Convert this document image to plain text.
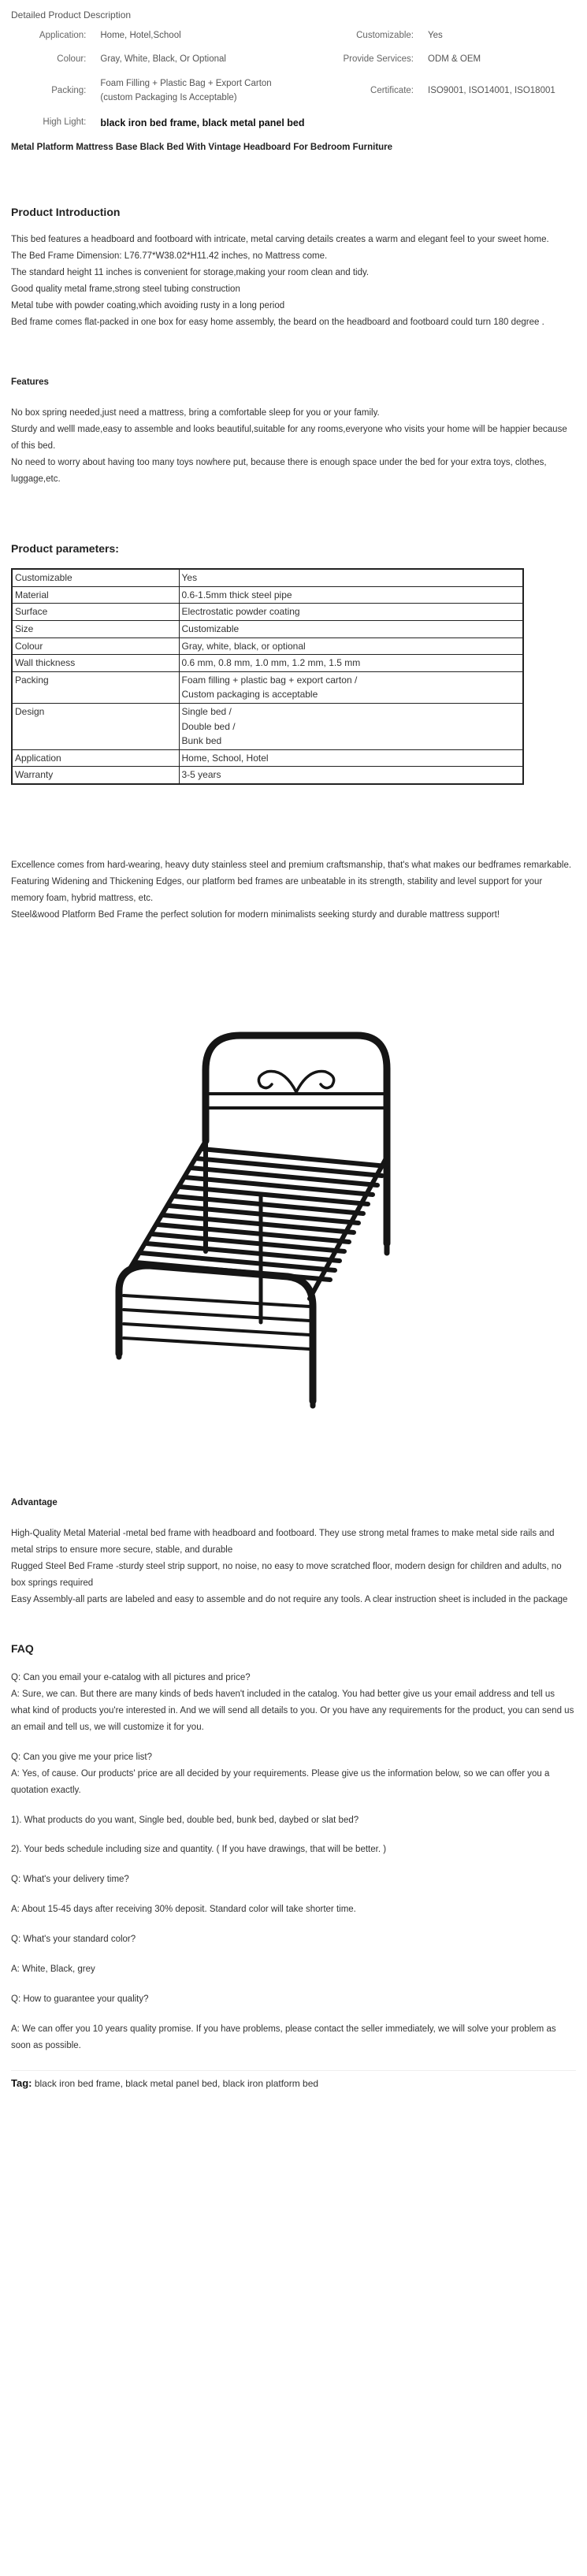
Detailed Product Description
Application:	Home, Hotel,School	Customizable:	Yes
Colour:	Gray, White, Black, Or Optional	Provide Services:	ODM & OEM
Packing:	Foam Filling + Plastic Bag + Export Carton (custom Packaging Is Acceptable)	Certificate:	ISO9001, ISO14001, ISO18001
High Light:	black iron bed frame, black metal panel bed		
Metal Platform Mattress Base Black Bed With Vintage Headboard For Bedroom Furniture
Product Introduction

This bed features a headboard and footboard with intricate, metal carving details creates a warm and elegant feel to your sweet home.

The Bed Frame Dimension: L76.77*W38.02*H11.42 inches, no Mattress come.

The standard height 11 inches is convenient for storage,making your room clean and tidy.

Good quality metal frame,strong steel tubing construction

Metal tube with powder coating,which avoiding rusty in a long period

Bed frame comes flat-packed in one box for easy home assembly, the beard on the headboard and footboard could turn 180 degree .

Features

No box spring needed,just need a mattress, bring a comfortable sleep for you or your family.

Sturdy and welll made,easy to assemble and looks beautiful,suitable for any rooms,everyone who visits your home will be happier because of this bed.

No need to worry about having too many toys nowhere put, because there is enough space under the bed for your extra toys, clothes, luggage,etc.

Product parameters:
Customizable	Yes
Material	0.6-1.5mm thick steel pipe
Surface	Electrostatic powder coating
Size	Customizable
Colour	Gray, white, black, or optional
Wall thickness	0.6 mm, 0.8 mm, 1.0 mm, 1.2 mm, 1.5 mm
Packing	Foam filling + plastic bag + export carton /
Custom packaging is acceptable

Design	Single bed /
Double bed /
Bunk bed

Application	Home, School, Hotel
Warranty	3-5 years

Excellence comes from hard-wearing, heavy duty stainless steel and premium craftsmanship, that's what makes our bedframes remarkable.

Featuring Widening and Thickening Edges, our platform bed frames are unbeatable in its strength, stability and level support for your memory foam, hybrid mattress, etc.

Steel&wood Platform Bed Frame the perfect solution for modern minimalists seeking sturdy and durable mattress support!

Advantage

High-Quality Metal Material -metal bed frame with headboard and footboard. They use strong metal frames to make metal side rails and metal strips to ensure more secure, stable, and durable

Rugged Steel Bed Frame -sturdy steel strip support, no noise, no easy to move scratched floor, modern design for children and adults, no box springs required

Easy Assembly-all parts are labeled and easy to assemble and do not require any tools. A clear instruction sheet is included in the package

FAQ

Q: Can you email your e-catalog with all pictures and price?

A: Sure, we can. But there are many kinds of beds haven't included in the catalog. You had better give us your email address and tell us what kind of products you're interested in. And we will send all details to you. Or you have any requirements for the product, you can send us an email and tell us, we will customize it for you.

Q: Can you give me your price list?

A: Yes, of cause. Our products' price are all decided by your requirements. Please give us the information below, so we can offer you a quotation exactly.

1). What products do you want, Single bed, double bed, bunk bed, daybed or slat bed?

2). Your beds schedule including size and quantity. ( If you have drawings, that will be better. )

Q: What's your delivery time?

A: About 15-45 days after receiving 30% deposit. Standard color will take shorter time.

Q: What's your standard color?

A: White, Black, grey

Q: How to guarantee your quality?

A: We can offer you 10 years quality promise. If you have problems, please contact the seller immediately, we will solve your problem as soon as possible.

Tag: black iron bed frame, black metal panel bed, black iron platform bed
